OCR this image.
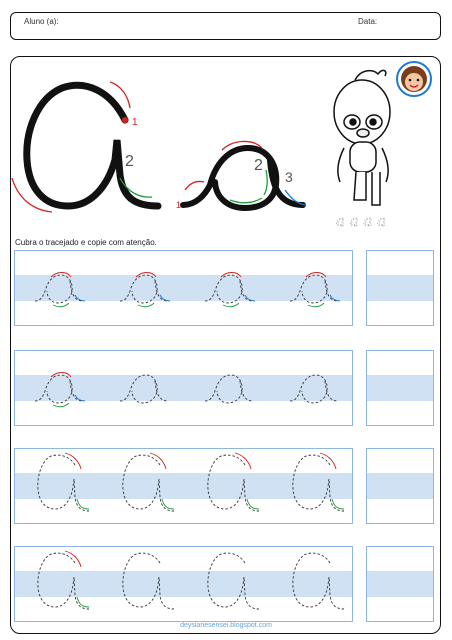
Aluno (a):	Data:
1
2
1
2
3
a a a a
Cubra o tracejado e copie com atenção.
deysianesensei.blogspot.com
